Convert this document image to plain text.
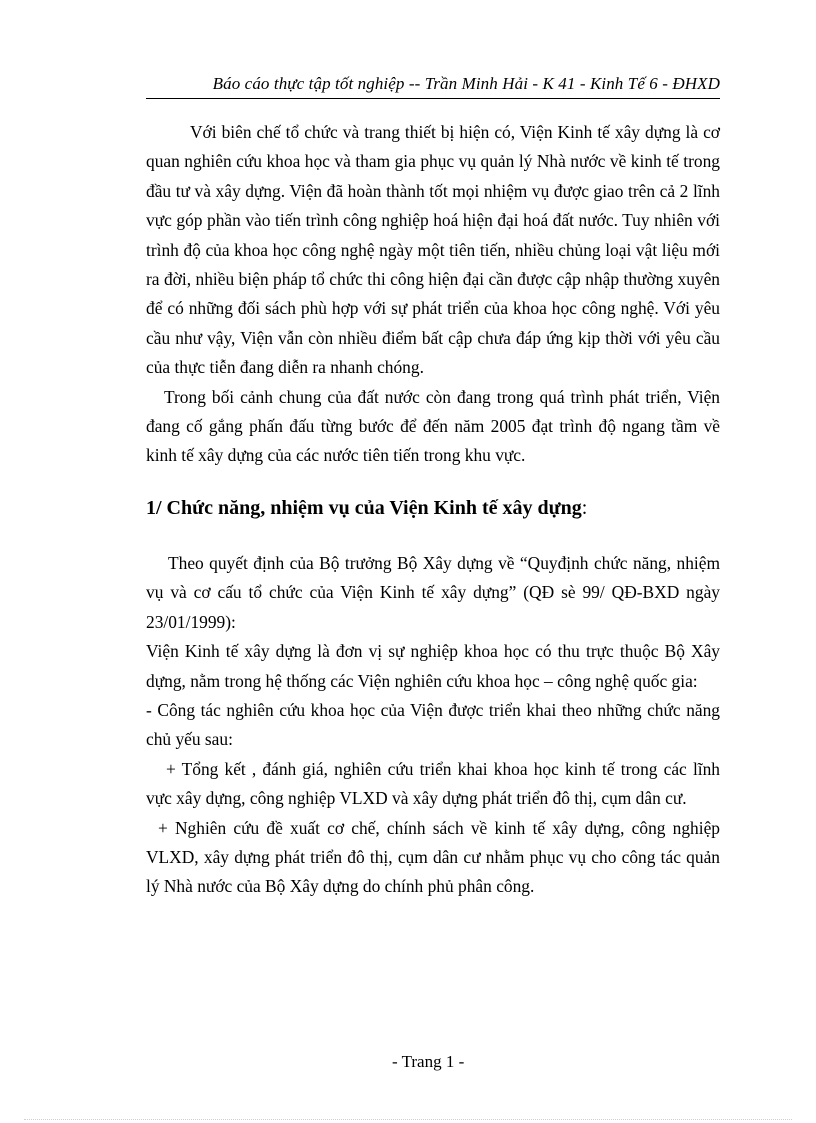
Báo cáo thực tập tốt nghiệp -- Trần Minh Hải - K 41 - Kinh Tế 6 - ĐHXD

Với biên chế tổ chức và trang thiết bị hiện có, Viện Kinh tế xây dựng là cơ quan nghiên cứu khoa học và tham gia phục vụ quản lý Nhà nước về kinh tế trong đầu tư và xây dựng. Viện đã hoàn thành tốt mọi nhiệm vụ được giao trên cả 2 lĩnh vực góp phần vào tiến trình công nghiệp hoá hiện đại hoá đất nước. Tuy nhiên với trình độ của khoa học công nghệ ngày một tiên tiến, nhiều chủng loại vật liệu mới ra đời, nhiều biện pháp tổ chức thi công hiện đại cần được cập nhập thường xuyên để có những đối sách phù hợp với sự phát triển của khoa học công nghệ. Với yêu cầu như vậy, Viện vẫn còn nhiều điểm bất cập chưa đáp ứng kịp thời với yêu cầu của thực tiễn đang diễn ra nhanh chóng.

Trong bối cảnh chung của đất nước còn đang trong quá trình phát triển, Viện đang cố gắng phấn đấu từng bước để đến năm 2005 đạt trình độ ngang tầm về kinh tế xây dựng của các nước tiên tiến trong khu vực.

1/ Chức năng, nhiệm vụ của Viện Kinh tế xây dựng:

Theo quyết định của Bộ trưởng Bộ Xây dựng về “Quyđịnh chức năng, nhiệm vụ và cơ cấu tổ chức của Viện Kinh tế xây dựng” (QĐ sè 99/ QĐ-BXD ngày 23/01/1999):

Viện Kinh tế xây dựng là đơn vị sự nghiệp khoa học có thu trực thuộc Bộ Xây dựng, nằm trong hệ thống các Viện nghiên cứu khoa học – công nghệ quốc gia:

- Công tác nghiên cứu khoa học của Viện được triển khai theo những chức năng chủ yếu sau:

+ Tổng kết , đánh giá, nghiên cứu triển khai khoa học kinh tế trong các lĩnh vực xây dựng, công nghiệp VLXD và xây dựng phát triển đô thị, cụm dân cư.

+ Nghiên cứu đề xuất cơ chế, chính sách về kinh tế xây dựng, công nghiệp VLXD, xây dựng phát triển đô thị, cụm dân cư nhằm phục vụ cho công tác quản lý Nhà nước của Bộ Xây dựng do chính phủ phân công.

- Trang 1 -
